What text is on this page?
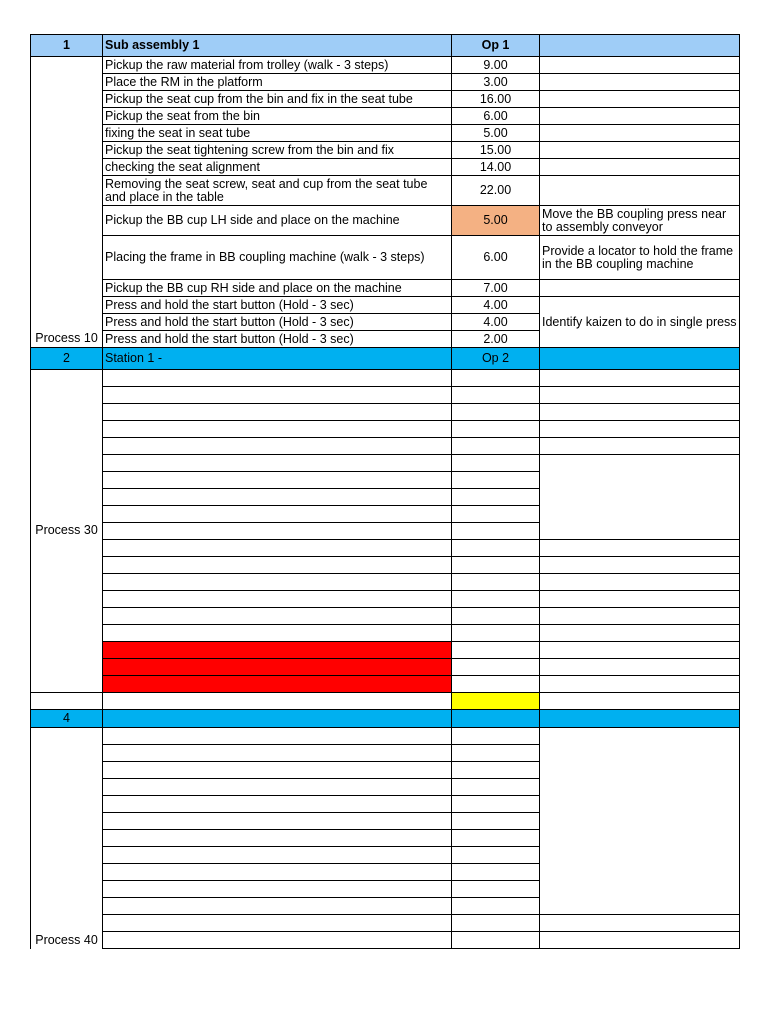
1	Sub assembly 1	Op 1	
Process 10	Pickup the raw material from trolley (walk - 3 steps)	9.00	
	Place the RM in the platform	3.00	
	Pickup the seat cup from the bin and fix in the seat tube	16.00	
	Pickup the seat from the bin	6.00	
	fixing the seat in seat tube	5.00	
	Pickup the seat tightening screw from the bin and fix	15.00	
	checking the seat alignment	14.00	
	Removing the seat screw, seat and cup from the seat tube and place in the table	22.00	
	Pickup the BB cup LH side and place on the machine	5.00	Move the BB coupling press near to assembly conveyor
	Placing the frame in BB coupling machine (walk - 3 steps)	6.00	Provide a locator to hold the frame in the BB coupling machine
	Pickup the BB cup RH side and place on the machine	7.00	
	Press and hold the start button (Hold - 3 sec)	4.00	Identify kaizen to do in single press
	Press and hold the start button (Hold - 3 sec)	4.00	
	Press and hold the start button (Hold - 3 sec)	2.00	
2	Station 1 -	Op 2	
Process 30			

4			
Process 40			
